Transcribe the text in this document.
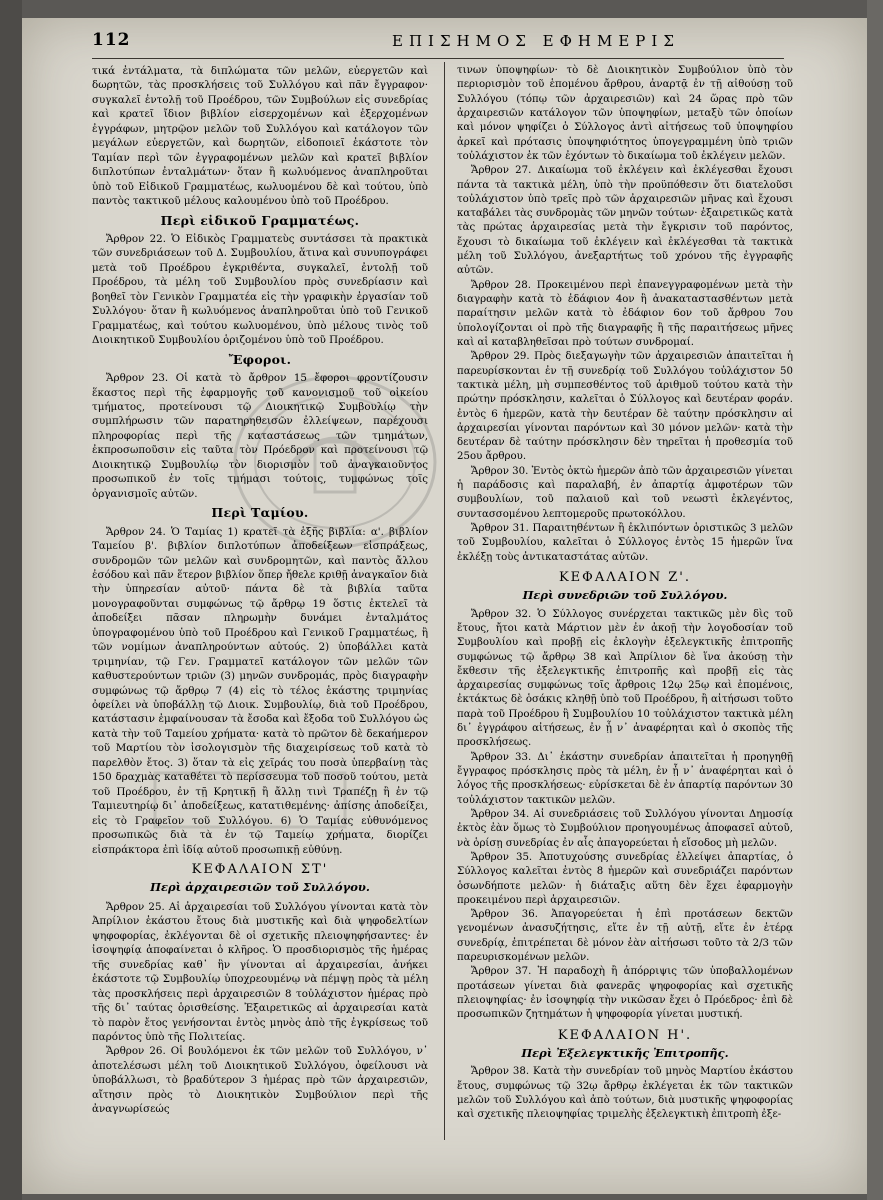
112	ΕΠΙΣΗΜΟΣ ΕΦΗΜΕΡΙΣ

τικά ἐντάλματα, τὰ διπλώματα τῶν μελῶν, εὐεργετῶν καὶ δωρητῶν, τὰς προσκλήσεις τοῦ Συλλόγου καὶ πᾶν ἔγγραφον· συγκαλεῖ ἐντολῇ τοῦ Προέδρου, τῶν Συμβούλων εἰς συνεδρίας καὶ κρατεῖ ἴδιον βιβλίον εἰσερχομένων καὶ ἐξερχομένων ἐγγράφων, μητρῷον μελῶν τοῦ Συλλόγου καὶ κατάλογον τῶν μεγάλων εὐεργετῶν, καὶ δωρητῶν, εἰδοποιεῖ ἑκάστοτε τὸν Ταμίαν περὶ τῶν ἐγγραφομένων μελῶν καὶ κρατεῖ βιβλίον διπλοτύπων ἐνταλμάτων· ὅταν ἢ κωλυόμενος ἀναπληροῦται ὑπὸ τοῦ Εἰδικοῦ Γραμματέως, κωλυομένου δὲ καὶ τούτου, ὑπὸ παντὸς τακτικοῦ μέλους καλουμένου ὑπὸ τοῦ Προέδρου.

Περὶ εἰδικοῦ Γραμματέως.

Ἄρθρον 22. Ὁ Εἰδικὸς Γραμματεὺς συντάσσει τὰ πρακτικὰ τῶν συνεδριάσεων τοῦ Δ. Συμβουλίου, ἅτινα καὶ συνυπογράφει μετὰ τοῦ Προέδρου ἐγκριθέντα, συγκαλεῖ, ἐντολῇ τοῦ Προέδρου, τὰ μέλη τοῦ Συμβουλίου πρὸς συνεδρίασιν καὶ βοηθεῖ τὸν Γενικὸν Γραμματέα εἰς τὴν γραφικὴν ἐργασίαν τοῦ Συλλόγου· ὅταν ἢ κωλυόμενος ἀναπληροῦται ὑπὸ τοῦ Γενικοῦ Γραμματέως, καὶ τούτου κωλυομένου, ὑπὸ μέλους τινὸς τοῦ Διοικητικοῦ Συμβουλίου ὁριζομένου ὑπὸ τοῦ Προέδρου.

Ἔφοροι.

Ἄρθρον 23. Οἱ κατὰ τὸ ἄρθρον 15 ἔφοροι φροντίζουσιν ἕκαστος περὶ τῆς ἐφαρμογῆς τοῦ κανονισμοῦ τοῦ οἰκείου τμήματος, προτείνουσι τῷ Διοικητικῷ Συμβουλίῳ τὴν συμπλήρωσιν τῶν παρατηρηθεισῶν ἐλλείψεων, παρέχουσι πληροφορίας περὶ τῆς καταστάσεως τῶν τμημάτων, ἐκπροσωποῦσιν εἰς ταῦτα τὸν Πρόεδρον καὶ προτείνουσι τῷ Διοικητικῷ Συμβουλίῳ τὸν διορισμὸν τοῦ ἀναγκαιοῦντος προσωπικοῦ ἐν τοῖς τμήμασι τούτοις, τυμφώνως τοῖς ὀργανισμοῖς αὐτῶν.

Περὶ Ταμίου.

Ἄρθρον 24. Ὁ Ταμίας 1) κρατεῖ τὰ ἑξῆς βιβλία: α'. βιβλίον Ταμείου β'. βιβλίον διπλοτύπων ἀποδείξεων εἰσπράξεως, συνδρομῶν τῶν μελῶν καὶ συνδρομητῶν, καὶ παντὸς ἄλλου ἐσόδου καὶ πᾶν ἕτερον βιβλίον ὅπερ ἤθελε κριθῇ ἀναγκαῖον διὰ τὴν ὑπηρεσίαν αὐτοῦ· πάντα δὲ τὰ βιβλία ταῦτα μονογραφοῦνται συμφώνως τῷ ἄρθρῳ 19 ὅστις ἐκτελεῖ τὰ ἀποδείξει πᾶσαν πληρωμὴν δυνάμει ἐνταλμάτος ὑπογραφομένου ὑπὸ τοῦ Προέδρου καὶ Γενικοῦ Γραμματέως, ἢ τῶν νομίμων ἀναπληρούντων αὐτούς. 2) ὑποβάλλει κατὰ τριμηνίαν, τῷ Γεν. Γραμματεῖ κατάλογον τῶν μελῶν τῶν καθυστερούντων τριῶν (3) μηνῶν συνδρομάς, πρὸς διαγραφὴν συμφώνως τῷ ἄρθρῳ 7 (4) εἰς τὸ τέλος ἑκάστης τριμηνίας ὀφείλει νὰ ὑποβάλλῃ τῷ Διοικ. Συμβουλίῳ, διὰ τοῦ Προέδρου, κατάστασιν ἐμφαίνουσαν τὰ ἔσοδα καὶ ἔξοδα τοῦ Συλλόγου ὡς κατὰ τὴν τοῦ Ταμείου χρήματα· κατὰ τὸ πρῶτον δὲ δεκαήμερον τοῦ Μαρτίου τὸν ἰσολογισμὸν τῆς διαχειρίσεως τοῦ κατὰ τὸ παρελθὸν ἔτος. 3) ὅταν τὰ εἰς χεῖράς του ποσὰ ὑπερβαίνῃ τὰς 150 δραχμὰς καταθέτει τὸ περίσσευμα τοῦ ποσοῦ τούτου, μετὰ τοῦ Προέδρου, ἐν τῇ Κρητικῇ ἢ ἄλλῃ τινὶ Τραπέζῃ ἢ ἐν τῷ Ταμιευτηρίῳ δι᾽ ἀποδείξεως, κατατιθεμένης· ἀπίσης ἀποδείξει, εἰς τὸ Γραφεῖον τοῦ Συλλόγου. 6) Ὁ Ταμίας εὐθυνόμενος προσωπικῶς διὰ τὰ ἐν τῷ Ταμείῳ χρήματα, διορίζει εἰσπράκτορα ἐπὶ ἰδίᾳ αὐτοῦ προσωπικῇ εὐθύνῃ.

ΚΕΦΑΛΑΙΟΝ ΣΤ'
Περὶ ἀρχαιρεσιῶν τοῦ Συλλόγου.

Ἄρθρον 25. Αἱ ἀρχαιρεσίαι τοῦ Συλλόγου γίνονται κατὰ τὸν Ἀπρίλιον ἑκάστου ἔτους διὰ μυστικῆς καὶ διὰ ψηφοδελτίων ψηφοφορίας, ἐκλέγονται δὲ οἱ σχετικῆς πλειοψηφήσαντες· ἐν ἰσοψηφίᾳ ἀποφαίνεται ὁ κλῆρος. Ὁ προσδιορισμὸς τῆς ἡμέρας τῆς συνεδρίας καθ᾽ ἣν γίνονται αἱ ἀρχαιρεσίαι, ἀνήκει ἑκάστοτε τῷ Συμβουλίῳ ὑποχρεουμένῳ νὰ πέμψῃ πρὸς τὰ μέλη τὰς προσκλήσεις περὶ ἀρχαιρεσιῶν 8 τοὐλάχιστον ἡμέρας πρὸ τῆς δι᾽ ταύτας ὁρισθείσης. Ἐξαιρετικῶς αἱ ἀρχαιρεσίαι κατὰ τὸ παρὸν ἔτος γενήσονται ἐντὸς μηνὸς ἀπὸ τῆς ἐγκρίσεως τοῦ παρόντος ὑπὸ τῆς Πολιτείας.

Ἄρθρον 26. Οἱ βουλόμενοι ἐκ τῶν μελῶν τοῦ Συλλόγου, ν᾽ ἀποτελέσωσι μέλη τοῦ Διοικητικοῦ Συλλόγου, ὀφείλουσι νὰ ὑποβάλλωσι, τὸ βραδύτερον 3 ἡμέρας πρὸ τῶν ἀρχαιρεσιῶν, αἴτησιν πρὸς τὸ Διοικητικὸν Συμβούλιον περὶ τῆς ἀναγνωρίσεώς

τινων ὑποψηφίων· τὸ δὲ Διοικητικὸν Συμβούλιον ὑπὸ τὸν περιορισμὸν τοῦ ἑπομένου ἄρθρου, ἀναρτᾷ ἐν τῇ αἰθούσῃ τοῦ Συλλόγου (τόπῳ τῶν ἀρχαιρεσιῶν) καὶ 24 ὥρας πρὸ τῶν ἀρχαιρεσιῶν κατάλογον τῶν ὑποψηφίων, μεταξὺ τῶν ὁποίων καὶ μόνον ψηφίζει ὁ Σύλλογος ἀντὶ αἰτήσεως τοῦ ὑποψηφίου ἀρκεῖ καὶ πρότασις ὑποψηφιότητος ὑπογεγραμμένη ὑπὸ τριῶν τοὐλάχιστον ἐκ τῶν ἐχόντων τὸ δικαίωμα τοῦ ἐκλέγειν μελῶν.

Ἄρθρον 27. Δικαίωμα τοῦ ἐκλέγειν καὶ ἐκλέγεσθαι ἔχουσι πάντα τὰ τακτικὰ μέλη, ὑπὸ τὴν προϋπόθεσιν ὅτι διατελοῦσι τοὐλάχιστον ὑπὸ τρεῖς πρὸ τῶν ἀρχαιρεσιῶν μῆνας καὶ ἔχουσι καταβάλει τὰς συνδρομὰς τῶν μηνῶν τούτων· ἐξαιρετικῶς κατὰ τὰς πρώτας ἀρχαιρεσίας μετὰ τὴν ἔγκρισιν τοῦ παρόντος, ἔχουσι τὸ δικαίωμα τοῦ ἐκλέγειν καὶ ἐκλέγεσθαι τὰ τακτικὰ μέλη τοῦ Συλλόγου, ἀνεξαρτήτως τοῦ χρόνου τῆς ἐγγραφῆς αὐτῶν.

Ἄρθρον 28. Προκειμένου περὶ ἐπανεγγραφομένων μετὰ τὴν διαγραφὴν κατὰ τὸ ἐδάφιον 4ον ἢ ἀνακαταστασθέντων μετὰ παραίτησιν μελῶν κατὰ τὸ ἐδάφιον 6ον τοῦ ἄρθρου 7ου ὑπολογίζονται οἱ πρὸ τῆς διαγραφῆς ἢ τῆς παραιτήσεως μῆνες καὶ αἱ καταβληθεῖσαι πρὸ τούτων συνδρομαί.

Ἄρθρον 29. Πρὸς διεξαγωγὴν τῶν ἀρχαιρεσιῶν ἀπαιτεῖται ἡ παρευρίσκονται ἐν τῇ συνεδρίᾳ τοῦ Συλλόγου τοὐλάχιστον 50 τακτικὰ μέλη, μὴ συμπεσθέντος τοῦ ἀριθμοῦ τούτου κατὰ τὴν πρώτην πρόσκλησιν, καλεῖται ὁ Σύλλογος καὶ δευτέραν φοράν. ἐντὸς 6 ἡμερῶν, κατὰ τὴν δευτέραν δὲ ταύτην πρόσκλησιν αἱ ἀρχαιρεσίαι γίνονται παρόντων καὶ 30 μόνον μελῶν· κατὰ τὴν δευτέραν δὲ ταύτην πρόσκλησιν δὲν τηρεῖται ἡ προθεσμία τοῦ 25ου ἄρθρου.

Ἄρθρον 30. Ἐντὸς ὀκτὼ ἡμερῶν ἀπὸ τῶν ἀρχαιρεσιῶν γίνεται ἡ παράδοσις καὶ παραλαβή, ἐν ἀπαρτίᾳ ἀμφοτέρων τῶν συμβουλίων, τοῦ παλαιοῦ καὶ τοῦ νεωστὶ ἐκλεγέντος, συντασσομένου λεπτομεροῦς πρωτοκόλλου.

Ἄρθρον 31. Παραιτηθέντων ἢ ἐκλιπόντων ὁριστικῶς 3 μελῶν τοῦ Συμβουλίου, καλεῖται ὁ Σύλλογος ἐντὸς 15 ἡμερῶν ἵνα ἐκλέξῃ τοὺς ἀντικαταστάτας αὐτῶν.

ΚΕΦΑΛΑΙΟΝ Ζ'.
Περὶ συνεδριῶν τοῦ Συλλόγου.

Ἄρθρον 32. Ὁ Σύλλογος συνέρχεται τακτικῶς μὲν δὶς τοῦ ἔτους, ἤτοι κατὰ Μάρτιον μὲν ἐν ἀκοῇ τὴν λογοδοσίαν τοῦ Συμβουλίου καὶ προβῇ εἰς ἐκλογὴν ἐξελεγκτικῆς ἐπιτροπῆς συμφώνως τῷ ἄρθρῳ 38 καὶ Ἀπρίλιον δὲ ἵνα ἀκούσῃ τὴν ἔκθεσιν τῆς ἐξελεγκτικῆς ἐπιτροπῆς καὶ προβῇ εἰς τὰς ἀρχαιρεσίας συμφώνως τοῖς ἄρθροις 12ῳ 25ῳ καὶ ἑπομένοις, ἐκτάκτως δὲ ὁσάκις κληθῇ ὑπὸ τοῦ Προέδρου, ἢ αἰτήσωσι τοῦτο παρὰ τοῦ Προέδρου ἢ Συμβουλίου 10 τοὐλάχιστον τακτικὰ μέλη δι᾽ ἐγγράφου αἰτήσεως, ἐν ᾗ ν᾽ ἀναφέρηται καὶ ὁ σκοπὸς τῆς προσκλήσεως.

Ἄρθρον 33. Δι᾽ ἑκάστην συνεδρίαν ἀπαιτεῖται ἡ προηγηθῇ ἔγγραφος πρόσκλησις πρὸς τὰ μέλη, ἐν ᾗ ν᾽ ἀναφέρηται καὶ ὁ λόγος τῆς προσκλήσεως· εὑρίσκεται δὲ ἐν ἀπαρτίᾳ παρόντων 30 τοὐλάχιστον τακτικῶν μελῶν.

Ἄρθρον 34. Αἱ συνεδριάσεις τοῦ Συλλόγου γίνονται Δημοσίᾳ ἐκτὸς ἐὰν ὅμως τὸ Συμβούλιον προηγουμένως ἀποφασεῖ αὐτοῦ, νὰ ὁρίσῃ συνεδρίας ἐν αἷς ἀπαγορεύεται ἡ εἴσοδος μὴ μελῶν.

Ἄρθρον 35. Ἀποτυχούσης συνεδρίας ἐλλείψει ἀπαρτίας, ὁ Σύλλογος καλεῖται ἐντὸς 8 ἡμερῶν καὶ συνεδριάζει παρόντων ὁσωνδήποτε μελῶν· ἡ διάταξις αὕτη δὲν ἔχει ἐφαρμογὴν προκειμένου περὶ ἀρχαιρεσιῶν.

Ἄρθρον 36. Ἀπαγορεύεται ἡ ἐπὶ προτάσεων δεκτῶν γενομένων ἀνασυζήτησις, εἴτε ἐν τῇ αὐτῇ, εἴτε ἐν ἑτέρᾳ συνεδρίᾳ, ἐπιτρέπεται δὲ μόνον ἐὰν αἰτήσωσι τοῦτο τὰ 2/3 τῶν παρευρισκομένων μελῶν.

Ἄρθρον 37. Ἡ παραδοχὴ ἢ ἀπόρριψις τῶν ὑποβαλλομένων προτάσεων γίνεται διὰ φανερᾶς ψηφοφορίας καὶ σχετικῆς πλειοψηφίας· ἐν ἰσοψηφίᾳ τὴν νικῶσαν ἔχει ὁ Πρόεδρος· ἐπὶ δὲ προσωπικῶν ζητημάτων ἡ ψηφοφορία γίνεται μυστική.

ΚΕΦΑΛΑΙΟΝ Η'.
Περὶ Ἐξελεγκτικῆς Ἐπιτροπῆς.

Ἄρθρον 38. Κατὰ τὴν συνεδρίαν τοῦ μηνὸς Μαρτίου ἑκάστου ἔτους, συμφώνως τῷ 32ῳ ἄρθρῳ ἐκλέγεται ἐκ τῶν τακτικῶν μελῶν τοῦ Συλλόγου καὶ ἀπὸ τούτων, διὰ μυστικῆς ψηφοφορίας καὶ σχετικῆς πλειοψηφίας τριμελὴς ἐξελεγκτικὴ ἐπιτροπὴ ἐξε-
